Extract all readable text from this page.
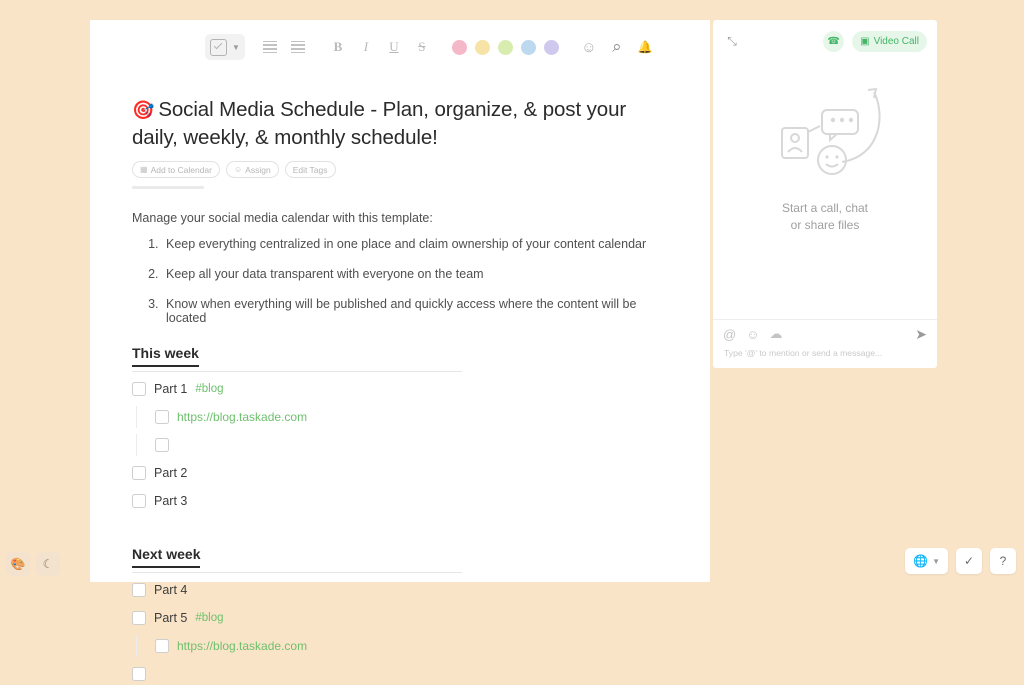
▼	B	I	U	S	☺ ⌕	🔔
🎯 Social Media Schedule - Plan, organize, & post your daily, weekly, & monthly schedule!
▦ Add to Calendar	☺ Assign	Edit Tags
Manage your social media calendar with this template:
1. Keep everything centralized in one place and claim ownership of your content calendar
2. Keep all your data transparent with everyone on the team
3. Know when everything will be published and quickly access where the content will be located
This week
Part 1 #blog
https://blog.taskade.com
Part 2
Part 3
Next week
Part 4
Part 5 #blog
https://blog.taskade.com
⤡	☎ ▣ Video Call
Start a call, chat
or share files
@ ☺ ☁	➤
Type '@' to mention or send a message...
🎨	☾	🌐 ▼	✓	?
